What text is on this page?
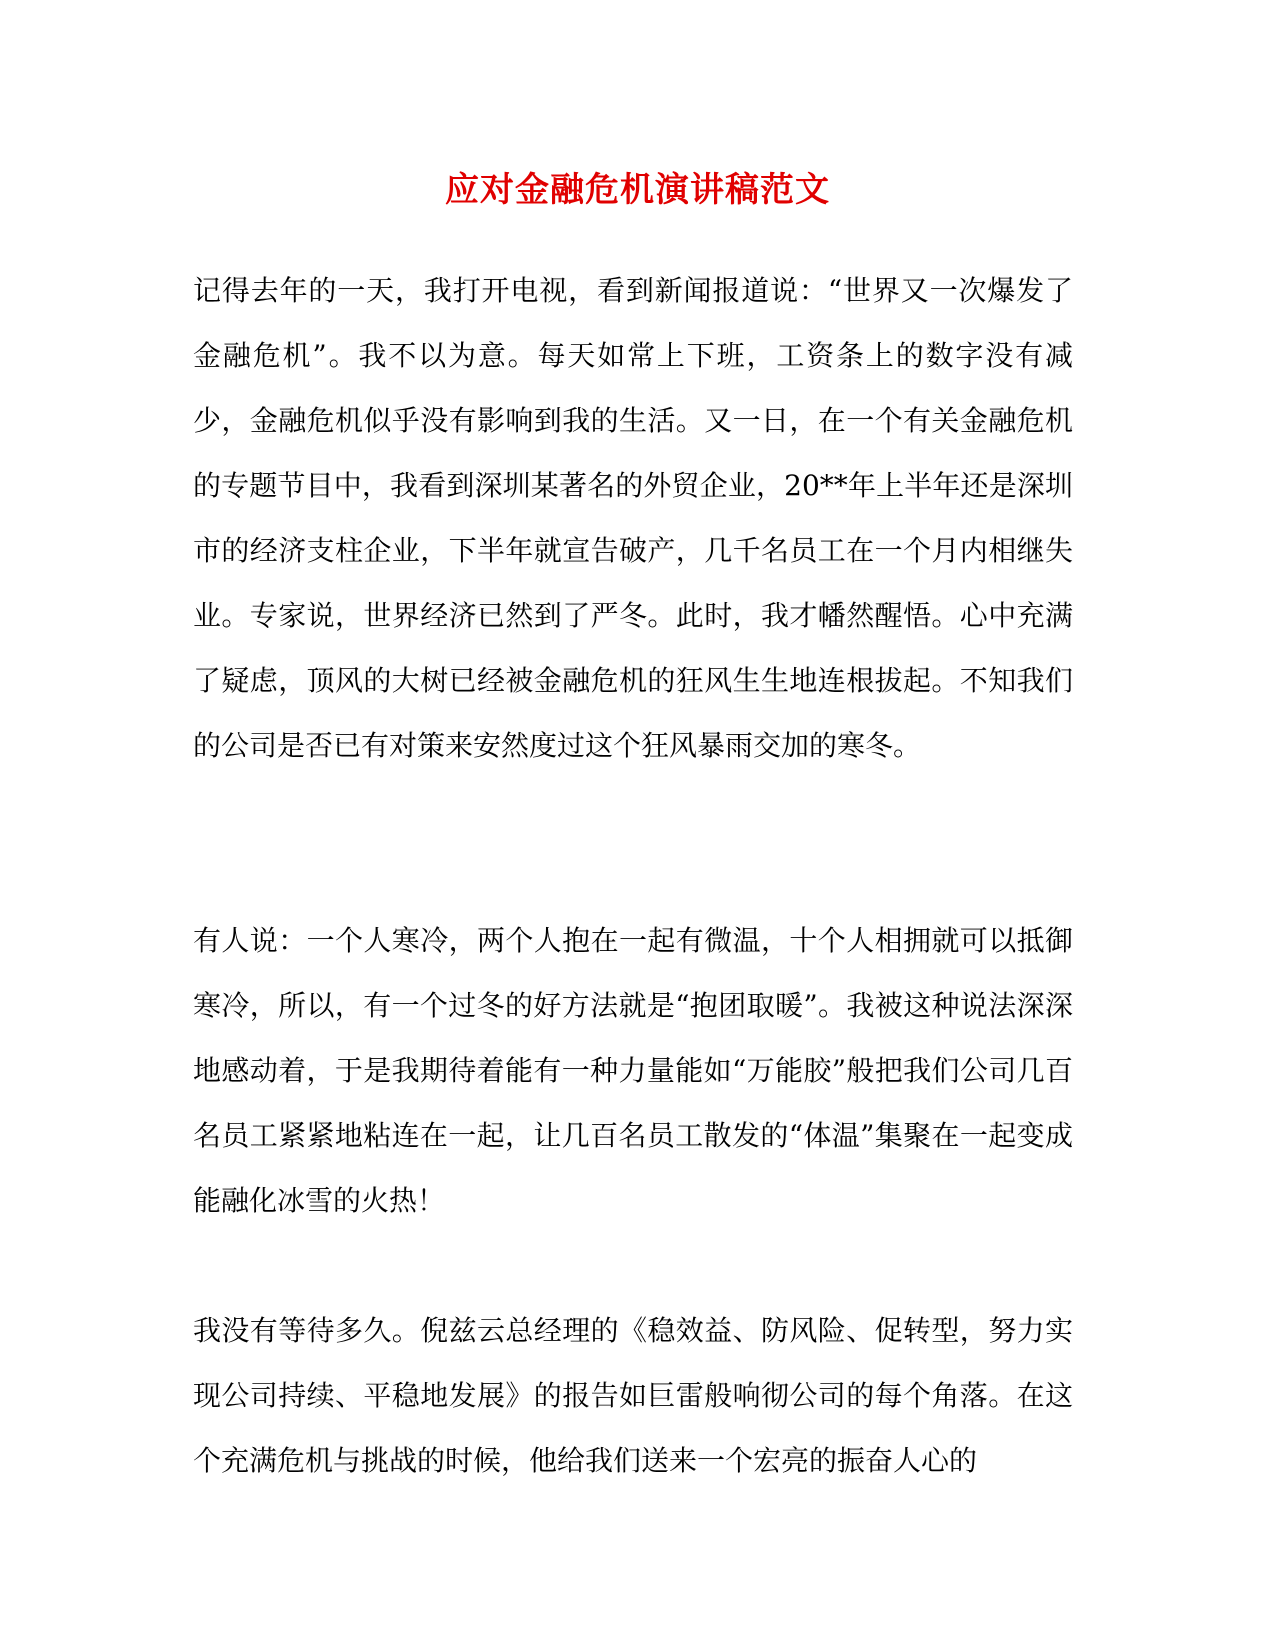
应对金融危机演讲稿范文

记得去年的一天，我打开电视，看到新闻报道说：“世界又一次爆发了金融危机”。我不以为意。每天如常上下班，工资条上的数字没有减少，金融危机似乎没有影响到我的生活。又一日，在一个有关金融危机的专题节目中，我看到深圳某著名的外贸企业，20**年上半年还是深圳市的经济支柱企业，下半年就宣告破产，几千名员工在一个月内相继失业。专家说，世界经济已然到了严冬。此时，我才幡然醒悟。心中充满了疑虑，顶风的大树已经被金融危机的狂风生生地连根拔起。不知我们的公司是否已有对策来安然度过这个狂风暴雨交加的寒冬。

有人说：一个人寒冷，两个人抱在一起有微温，十个人相拥就可以抵御寒冷，所以，有一个过冬的好方法就是“抱团取暖”。我被这种说法深深地感动着，于是我期待着能有一种力量能如“万能胶”般把我们公司几百名员工紧紧地粘连在一起，让几百名员工散发的“体温”集聚在一起变成能融化冰雪的火热！

我没有等待多久。倪兹云总经理的《稳效益、防风险、促转型，努力实现公司持续、平稳地发展》的报告如巨雷般响彻公司的每个角落。在这个充满危机与挑战的时候，他给我们送来一个宏亮的振奋人心的
